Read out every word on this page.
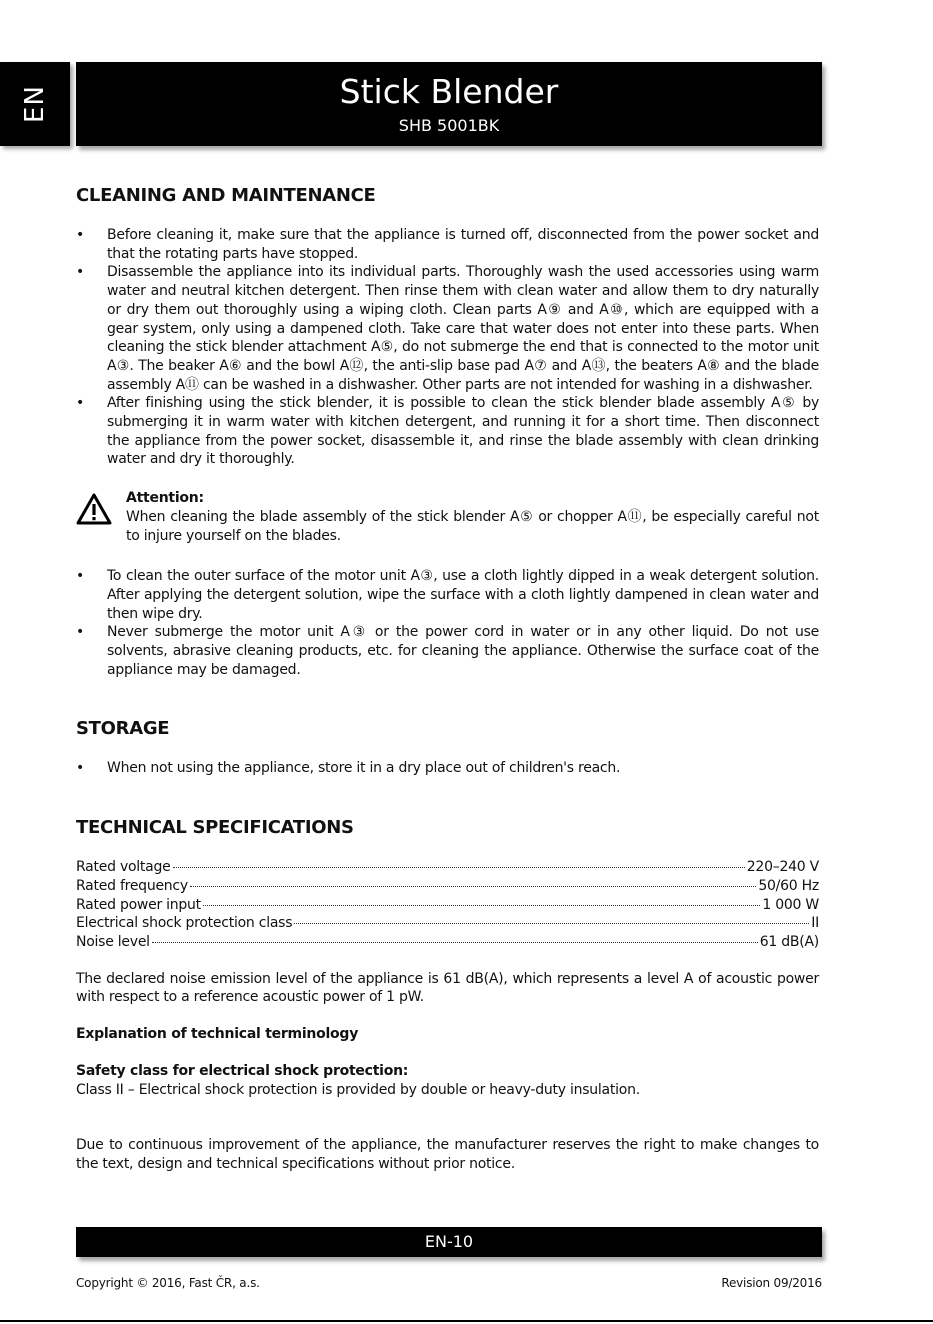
EN	Stick Blender
SHB 5001BK
CLEANING AND MAINTENANCE
• Before cleaning it, make sure that the appliance is turned off, disconnected from the power socket and that the rotating parts have stopped.
• Disassemble the appliance into its individual parts. Thoroughly wash the used accessories using warm water and neutral kitchen detergent. Then rinse them with clean water and allow them to dry naturally or dry them out thoroughly using a wiping cloth. Clean parts A⑨ and A⑩, which are equipped with a gear system, only using a dampened cloth. Take care that water does not enter into these parts. When cleaning the stick blender attachment A⑤, do not submerge the end that is connected to the motor unit A③. The beaker A⑥ and the bowl A⑫, the anti-slip base pad A⑦ and A⑬, the beaters A⑧ and the blade assembly A⑪ can be washed in a dishwasher. Other parts are not intended for washing in a dishwasher.
• After finishing using the stick blender, it is possible to clean the stick blender blade assembly A⑤ by submerging it in warm water with kitchen detergent, and running it for a short time. Then disconnect the appliance from the power socket, disassemble it, and rinse the blade assembly with clean drinking water and dry it thoroughly.
Attention:
When cleaning the blade assembly of the stick blender A⑤ or chopper A⑪, be especially careful not to injure yourself on the blades.
• To clean the outer surface of the motor unit A③, use a cloth lightly dipped in a weak detergent solution. After applying the detergent solution, wipe the surface with a cloth lightly dampened in clean water and then wipe dry.
• Never submerge the motor unit A③ or the power cord in water or in any other liquid. Do not use solvents, abrasive cleaning products, etc. for cleaning the appliance. Otherwise the surface coat of the appliance may be damaged.
STORAGE
• When not using the appliance, store it in a dry place out of children's reach.
TECHNICAL SPECIFICATIONS
Rated voltage	220–240 V
Rated frequency	50/60 Hz
Rated power input	1 000 W
Electrical shock protection class	II
Noise level	61 dB(A)

The declared noise emission level of the appliance is 61 dB(A), which represents a level A of acoustic power with respect to a reference acoustic power of 1 pW.

Explanation of technical terminology

Safety class for electrical shock protection:

Class II – Electrical shock protection is provided by double or heavy-duty insulation.

Due to continuous improvement of the appliance, the manufacturer reserves the right to make changes to the text, design and technical specifications without prior notice.

EN-10
Copyright © 2016, Fast ČR, a.s.	Revision 09/2016
